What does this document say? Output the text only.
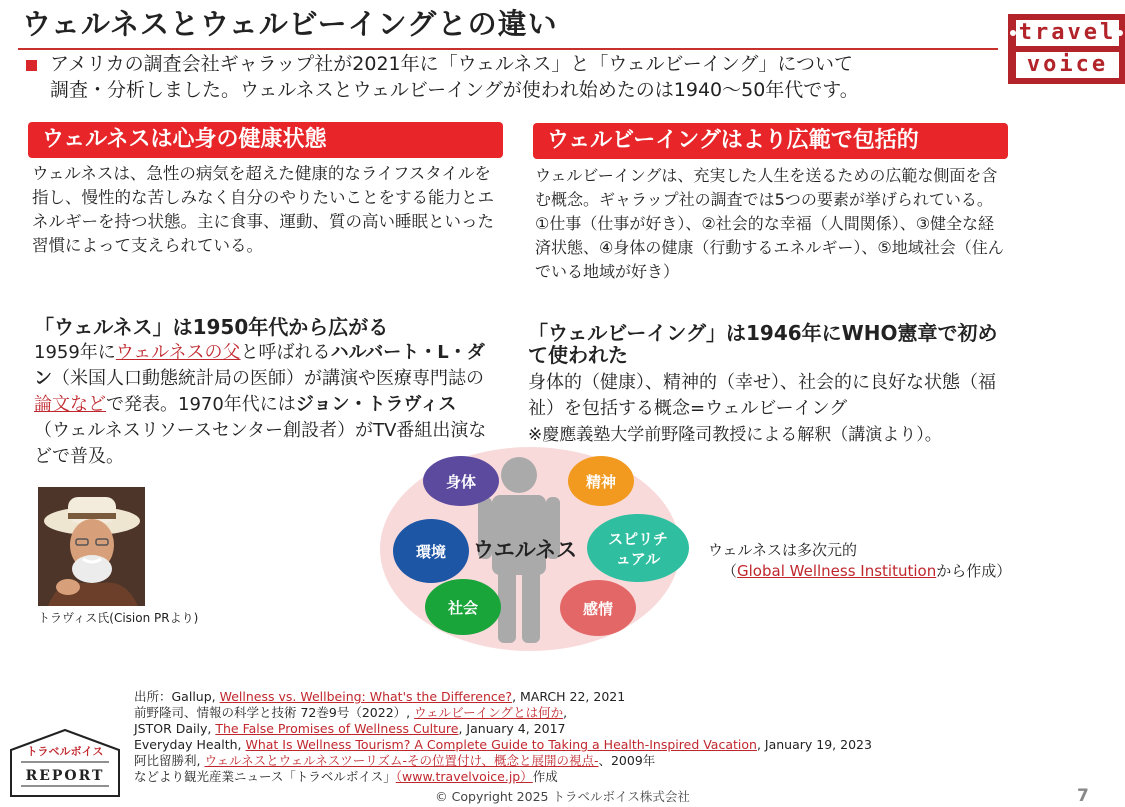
ウェルネスとウェルビーイングとの違い	travel
voice
アメリカの調査会社ギャラップ社が2021年に「ウェルネス」と「ウェルビーイング」について
調査・分析しました。ウェルネスとウェルビーイングが使われ始めたのは1940～50年代です。
ウェルネスは心身の健康状態
ウェルネスは、急性の病気を超えた健康的なライフスタイルを指し、慢性的な苦しみなく自分のやりたいことをする能力とエネルギーを持つ状態。主に食事、運動、質の高い睡眠といった習慣によって支えられている。
「ウェルネス」は1950年代から広がる
1959年にウェルネスの父と呼ばれるハルバート・L・ダン（米国人口動態統計局の医師）が講演や医療専門誌の論文などで発表。1970年代にはジョン・トラヴィス（ウェルネスリソースセンター創設者）がTV番組出演などで普及。
トラヴィス氏(Cision PRより)
ウェルビーイングはより広範で包括的
ウェルビーイングは、充実した人生を送るための広範な側面を含む概念。ギャラップ社の調査では5つの要素が挙げられている。①仕事（仕事が好き）、②社会的な幸福（人間関係）、③健全な経済状態、④身体の健康（行動するエネルギー）、⑤地域社会（住んでいる地域が好き）
「ウェルビーイング」は1946年にWHO憲章で初めて使われた
身体的（健康）、精神的（幸せ）、社会的に良好な状態（福祉）を包括する概念=ウェルビーイング
※慶應義塾大学前野隆司教授による解釈（講演より）。
ウエルネス
身体	精神
環境
スピリチ
ュアル
社会	感情
ウェルネスは多次元的
（Global Wellness Institutionから作成）
出所：Gallup, Wellness vs. Wellbeing: What's the Difference?, MARCH 22, 2021
前野隆司、情報の科学と技術 72巻9号（2022）, ウェルビーイングとは何か,
JSTOR Daily, The False Promises of Wellness Culture, January 4, 2017
Everyday Health, What Is Wellness Tourism? A Complete Guide to Taking a Health-Inspired Vacation, January 19, 2023
阿比留勝利, ウェルネスとウェルネスツーリズム-その位置付け、概念と展開の視点-、2009年
などより観光産業ニュース「トラベルボイス」（www.travelvoice.jp）作成
トラベルボイス
REPORT
© Copyright 2025 トラベルボイス株式会社	7
